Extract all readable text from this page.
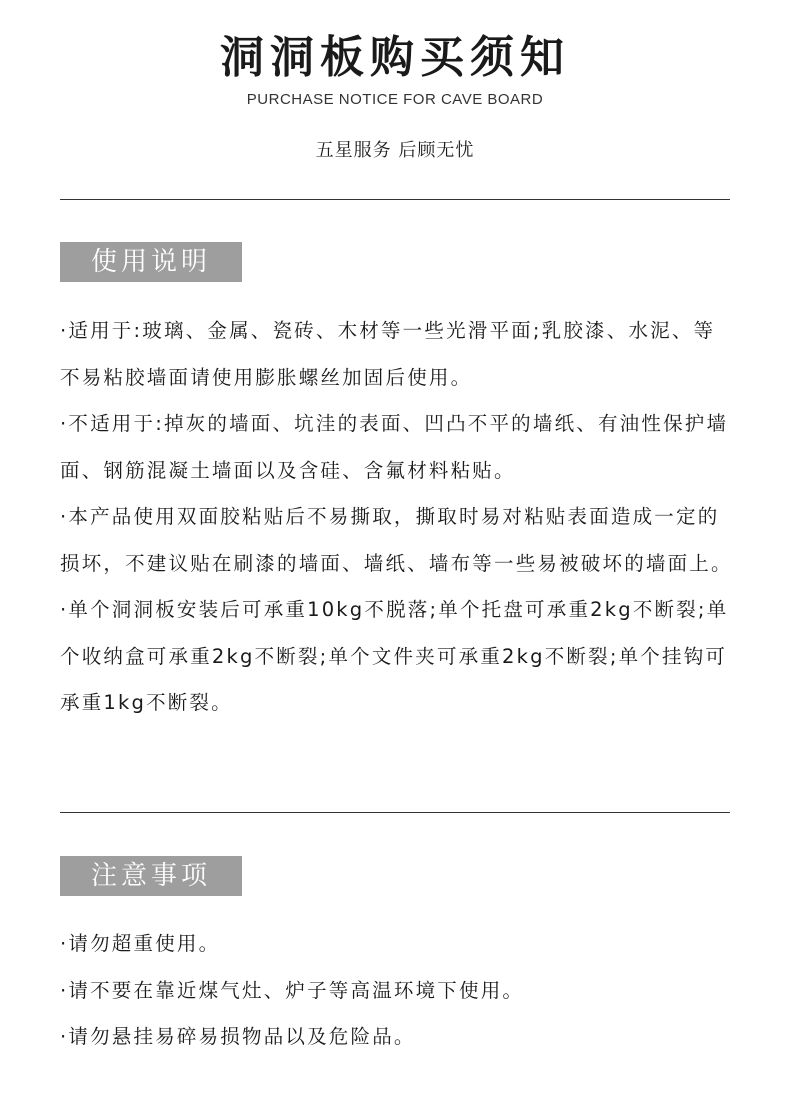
洞洞板购买须知
PURCHASE NOTICE FOR CAVE BOARD
五星服务 后顾无忧
使用说明
·适用于:玻璃、金属、瓷砖、木材等一些光滑平面;乳胶漆、水泥、等不易粘胶墙面请使用膨胀螺丝加固后使用。
·不适用于:掉灰的墙面、坑洼的表面、凹凸不平的墙纸、有油性保护墙面、钢筋混凝土墙面以及含硅、含氟材料粘贴。
·本产品使用双面胶粘贴后不易撕取，撕取时易对粘贴表面造成一定的损坏，不建议贴在刷漆的墙面、墙纸、墙布等一些易被破坏的墙面上。
·单个洞洞板安装后可承重10kg不脱落;单个托盘可承重2kg不断裂;单个收纳盒可承重2kg不断裂;单个文件夹可承重2kg不断裂;单个挂钩可承重1kg不断裂。
注意事项
·请勿超重使用。
·请不要在靠近煤气灶、炉子等高温环境下使用。
·请勿悬挂易碎易损物品以及危险品。
